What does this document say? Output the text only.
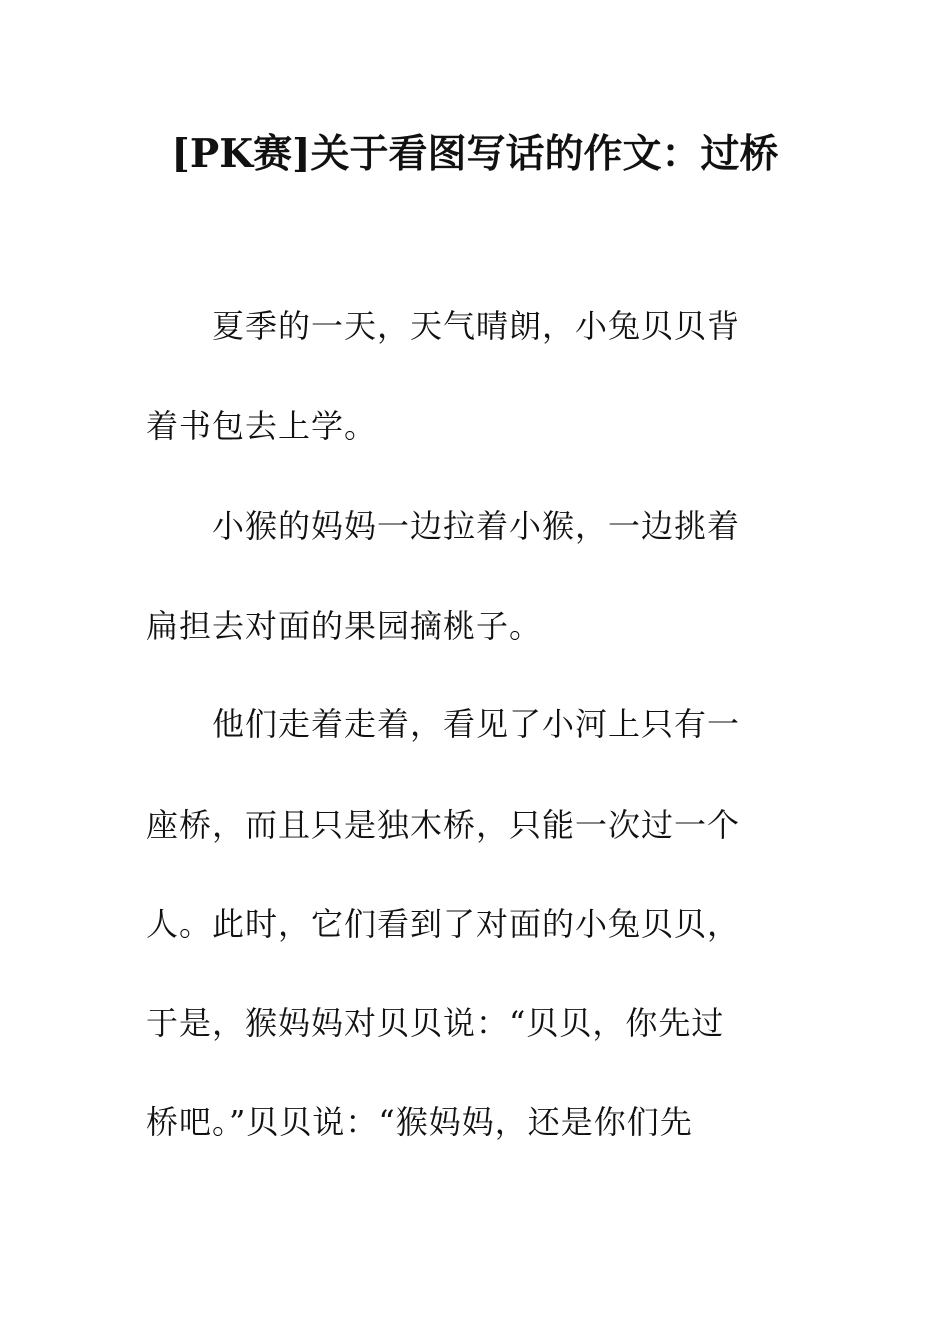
[PK赛]关于看图写话的作文：过桥
　　夏季的一天，天气晴朗，小兔贝贝背
着书包去上学。
　　小猴的妈妈一边拉着小猴，一边挑着
扁担去对面的果园摘桃子。
　　他们走着走着，看见了小河上只有一
座桥，而且只是独木桥，只能一次过一个
人。此时，它们看到了对面的小兔贝贝，
于是，猴妈妈对贝贝说：“贝贝，你先过
桥吧。”贝贝说：“猴妈妈，还是你们先
